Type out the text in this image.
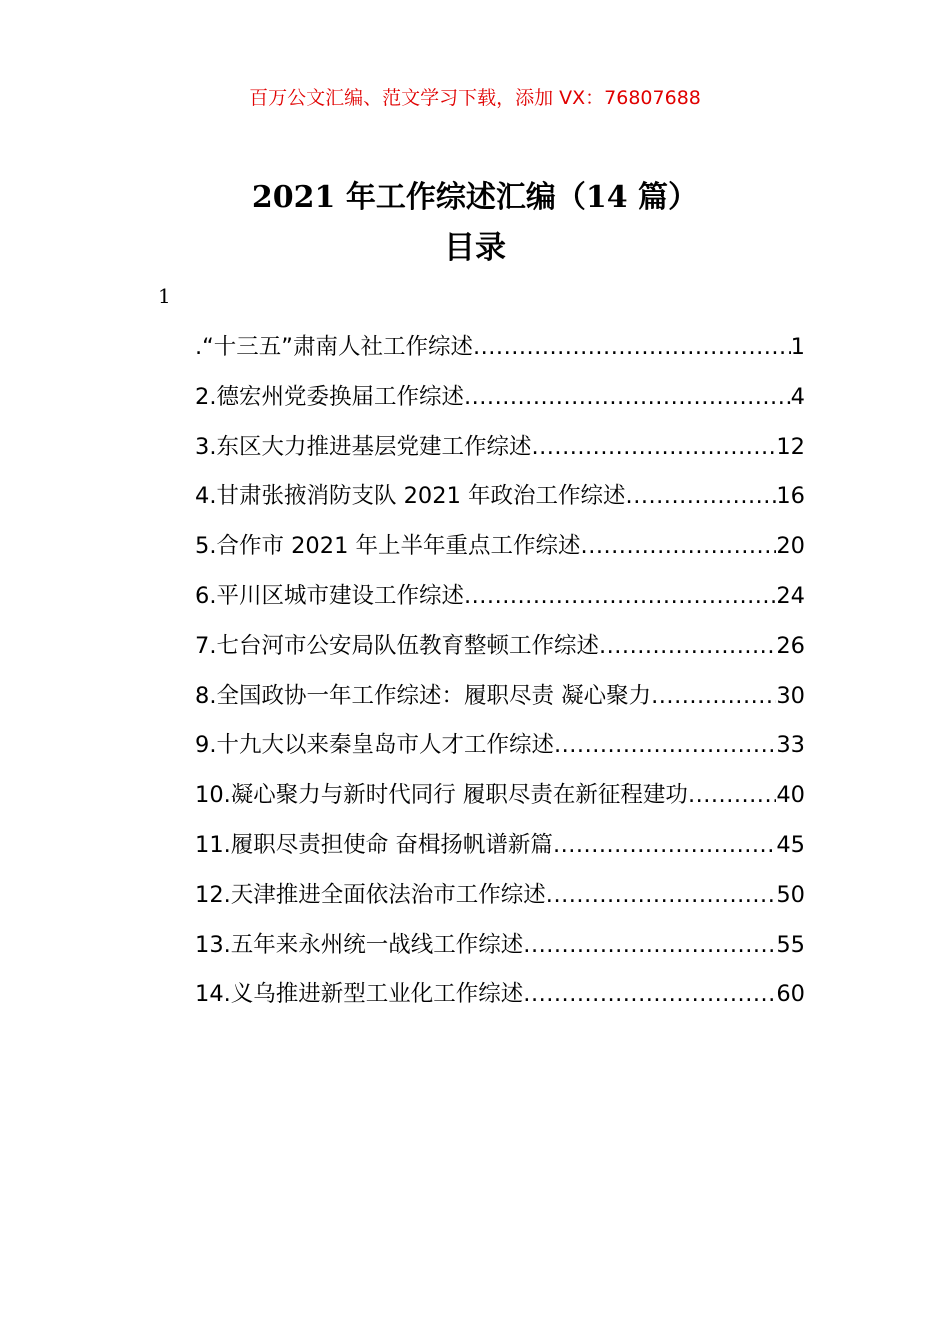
百万公文汇编、范文学习下载，添加 VX：76807688
2021 年工作综述汇编（14 篇）
目录
1
.“十三五”肃南人社工作综述 .....	1
2.德宏州党委换届工作综述 .....	4
3.东区大力推进基层党建工作综述 .....	12
4.甘肃张掖消防支队 2021 年政治工作综述 .....	16
5.合作市 2021 年上半年重点工作综述 .....	20
6.平川区城市建设工作综述 .....	24
7.七台河市公安局队伍教育整顿工作综述 .....	26
8.全国政协一年工作综述：履职尽责 凝心聚力 .....	30
9.十九大以来秦皇岛市人才工作综述 .....	33
10.凝心聚力与新时代同行 履职尽责在新征程建功 .....	40
11.履职尽责担使命 奋楫扬帆谱新篇 .....	45
12.天津推进全面依法治市工作综述 .....	50
13.五年来永州统一战线工作综述 .....	55
14.义乌推进新型工业化工作综述 .....	60
